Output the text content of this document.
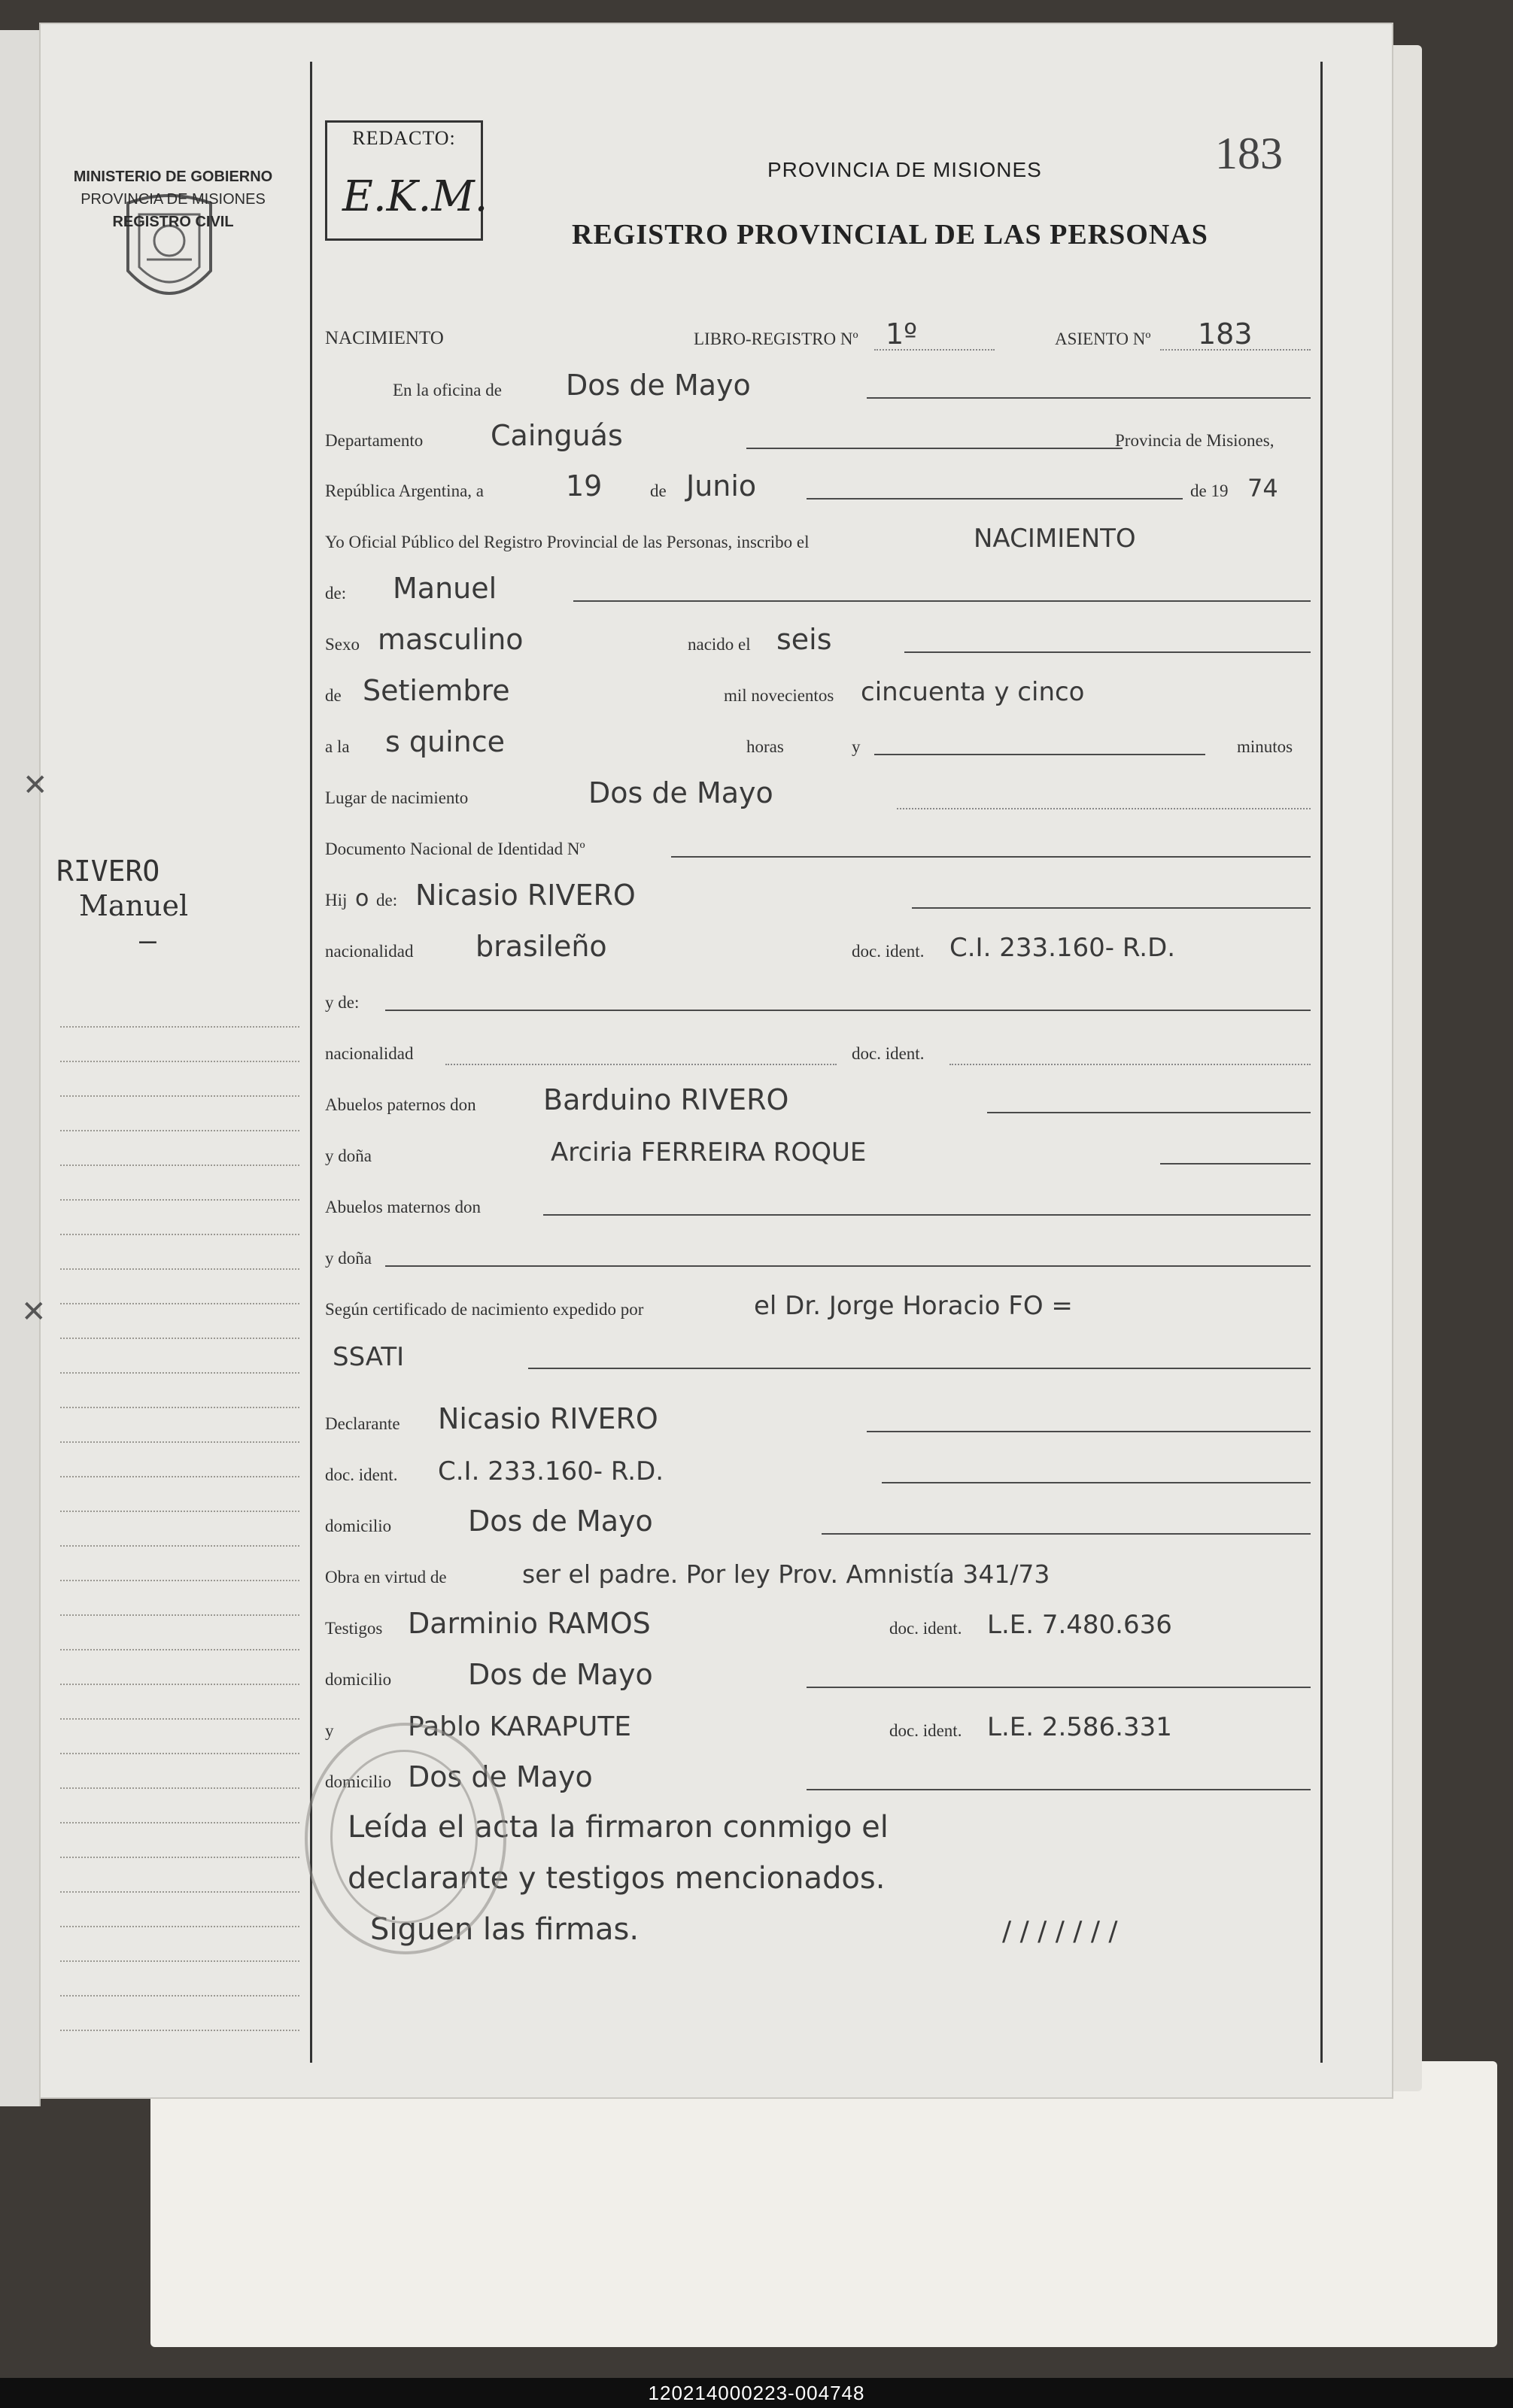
MINISTERIO DE GOBIERNO
PROVINCIA DE MISIONES
REGISTRO CIVIL
✕
✕
RIVERO
Manuel
—
REDACTO:
E.K.M.
PROVINCIA DE MISIONES
REGISTRO PROVINCIAL DE LAS PERSONAS
183
NACIMIENTO	LIBRO-REGISTRO Nº 1º	ASIENTO Nº 183
En la oficina de Dos de Mayo
Departamento Cainguás	Provincia de Misiones,
República Argentina, a	19	de Junio	de 19 74
Yo Oficial Público del Registro Provincial de las Personas, inscribo el	NACIMIENTO
de: Manuel
Sexo masculino	nacido el seis
de Setiembre	mil novecientos cincuenta y cinco
a la s quince	horas	y	minutos
Lugar de nacimiento	Dos de Mayo
Documento Nacional de Identidad Nº
Hij o de: Nicasio RIVERO
nacionalidad brasileño	doc. ident. C.I. 233.160- R.D.
y de:
nacionalidad	doc. ident.
Abuelos paternos don Barduino RIVERO
y doña	Arciria FERREIRA ROQUE
Abuelos maternos don
y doña
Según certificado de nacimiento expedido por	el Dr. Jorge Horacio FO =
SSATI
Declarante Nicasio RIVERO
doc. ident. C.I. 233.160- R.D.
domicilio	Dos de Mayo
Obra en virtud de	ser el padre. Por ley Prov. Amnistía 341/73
Testigos Darminio RAMOS	doc. ident. L.E. 7.480.636
domicilio	Dos de Mayo
y	Pablo KARAPUTE	doc. ident. L.E. 2.586.331
domicilio Dos de Mayo
Leída el acta la firmaron conmigo el
declarante y testigos mencionados.
Siguen las firmas.	/ / / / / / /
120214000223-004748
